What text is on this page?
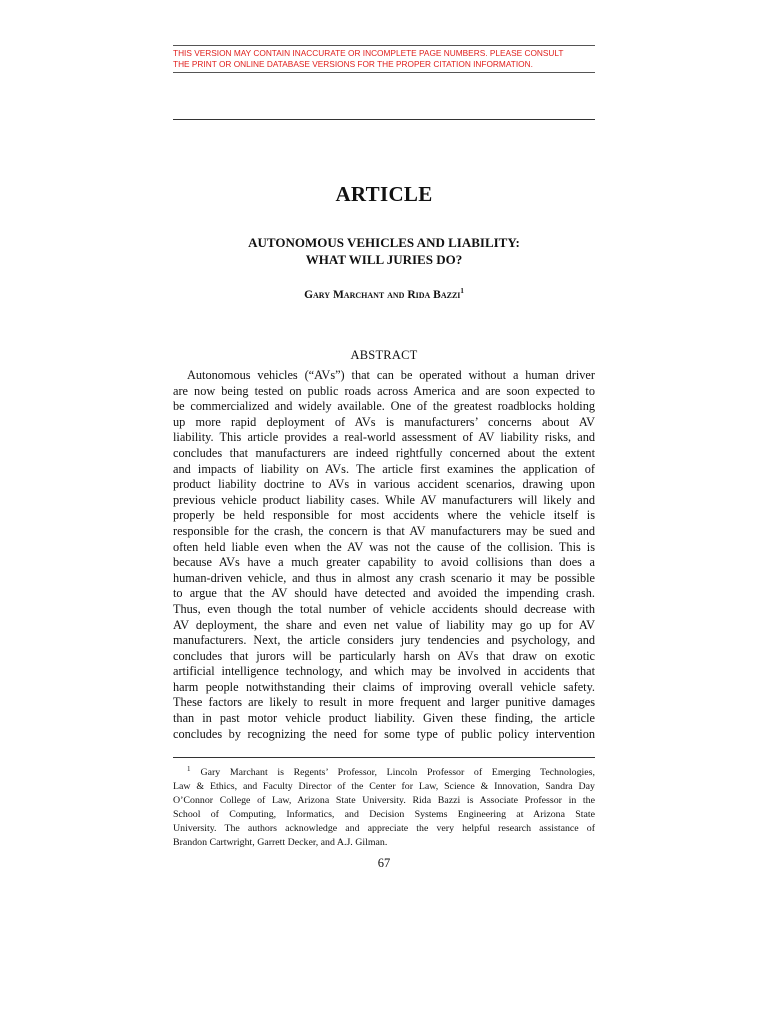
THIS VERSION MAY CONTAIN INACCURATE OR INCOMPLETE PAGE NUMBERS. PLEASE CONSULT
THE PRINT OR ONLINE DATABASE VERSIONS FOR THE PROPER CITATION INFORMATION.
ARTICLE
AUTONOMOUS VEHICLES AND LIABILITY:
WHAT WILL JURIES DO?
Gary Marchant and Rida Bazzi$^1$
ABSTRACT
Autonomous vehicles (“AVs”) that can be operated without a human driver
are now being tested on public roads across America and are soon expected to
be commercialized and widely available. One of the greatest roadblocks holding
up more rapid deployment of AVs is manufacturers’ concerns about AV
liability. This article provides a real-world assessment of AV liability risks, and
concludes that manufacturers are indeed rightfully concerned about the extent
and impacts of liability on AVs. The article first examines the application of
product liability doctrine to AVs in various accident scenarios, drawing upon
previous vehicle product liability cases. While AV manufacturers will likely and
properly be held responsible for most accidents where the vehicle itself is
responsible for the crash, the concern is that AV manufacturers may be sued and
often held liable even when the AV was not the cause of the collision. This is
because AVs have a much greater capability to avoid collisions than does a
human-driven vehicle, and thus in almost any crash scenario it may be possible
to argue that the AV should have detected and avoided the impending crash.
Thus, even though the total number of vehicle accidents should decrease with
AV deployment, the share and even net value of liability may go up for AV
manufacturers. Next, the article considers jury tendencies and psychology, and
concludes that jurors will be particularly harsh on AVs that draw on exotic
artificial intelligence technology, and which may be involved in accidents that
harm people notwithstanding their claims of improving overall vehicle safety.
These factors are likely to result in more frequent and larger punitive damages
than in past motor vehicle product liability. Given these finding, the article
concludes by recognizing the need for some type of public policy intervention
$^1$ Gary Marchant is Regents’ Professor, Lincoln Professor of Emerging Technologies,
Law & Ethics, and Faculty Director of the Center for Law, Science & Innovation, Sandra Day
O’Connor College of Law, Arizona State University. Rida Bazzi is Associate Professor in the
School of Computing, Informatics, and Decision Systems Engineering at Arizona State
University. The authors acknowledge and appreciate the very helpful research assistance of
Brandon Cartwright, Garrett Decker, and A.J. Gilman.
67
